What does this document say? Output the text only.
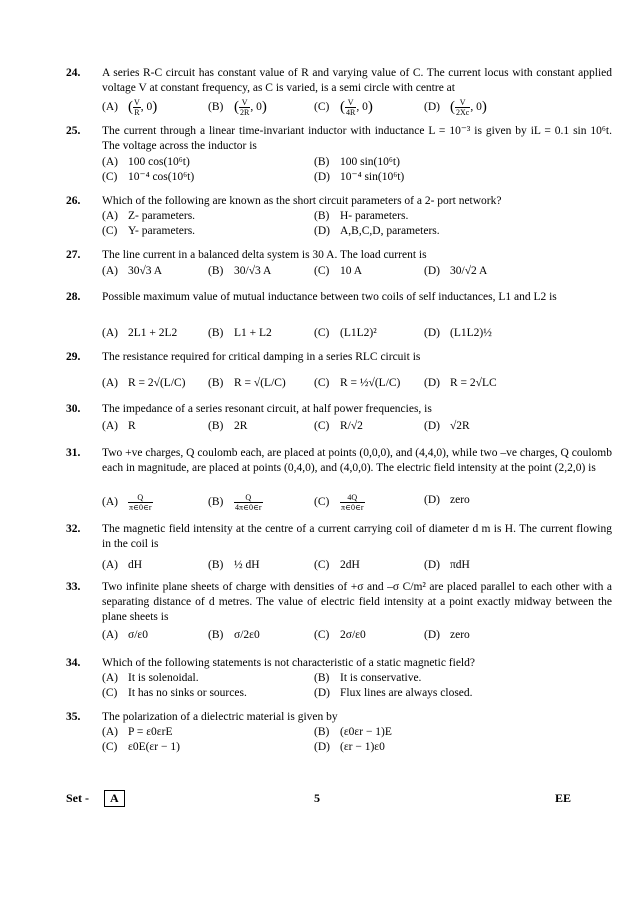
24. A series R-C circuit has constant value of R and varying value of C. The current locus with constant applied voltage V at constant frequency, as C is varied, is a semi circle with centre at
(A) ( $\frac{V}{R}$ , 0)	(B) ( $\frac{V}{2R}$ , 0)	(C) ( $\frac{V}{4R}$ , 0)	(D) ( $\frac{V}{2Xc}$ , 0)
25. The current through a linear time-invariant inductor with inductance L = 10⁻³ is given by iL = 0.1 sin 10⁶t. The voltage across the inductor is
(A) 100 cos(10⁶t)	(B) 100 sin(10⁶t)
(C) 10⁻⁴ cos(10⁶t)	(D) 10⁻⁴ sin(10⁶t)
26. Which of the following are known as the short circuit parameters of a 2- port network?
(A) Z- parameters.	(B) H- parameters.
(C) Y- parameters.	(D) A,B,C,D, parameters.
27. The line current in a balanced delta system is 30 A. The load current is
(A) 30√3 A	(B) 30/√3 A	(C) 10 A	(D) 30/√2 A
28. Possible maximum value of mutual inductance between two coils of self inductances, L1 and L2 is
(A) 2L1 + 2L2	(B) L1 + L2	(C) (L1L2)²	(D) (L1L2)½
29. The resistance required for critical damping in a series RLC circuit is
(A) R = 2√(L/C) (B) R = √(L/C) (C) R = ½√(L/C) (D) R = 2√LC
30. The impedance of a series resonant circuit, at half power frequencies, is
(A) R	(B) 2R	(C) R/√2	(D) √2R
31. Two +ve charges, Q coulomb each, are placed at points (0,0,0), and (4,4,0), while two –ve charges, Q coulomb each in magnitude, are placed at points (0,4,0), and (4,0,0). The electric field intensity at the point (2,2,0) is
$(A) \frac{Q}{\pi\in 0\in r}$	$(B) \frac{Q}{4\pi\in 0\in r}$	$(C) \frac{4Q}{\pi\in 0\in r}$	(D) zero
32. The magnetic field intensity at the centre of a current carrying coil of diameter d m is H. The current flowing in the coil is
(A) dH	(B) ½ dH	(C) 2dH	(D) πdH
33. Two infinite plane sheets of charge with densities of +σ and –σ C/m² are placed parallel to each other with a separating distance of d metres. The value of electric field intensity at a point exactly midway between the plane sheets is
(A) σ/ε0	(B) σ/2ε0	(C) 2σ/ε0	(D) zero
34. Which of the following statements is not characteristic of a static magnetic field?
(A) It is solenoidal.	(B) It is conservative.
(C) It has no sinks or sources.	(D) Flux lines are always closed.
35. The polarization of a dielectric material is given by
(A) P = ε0εrE	(B) (ε0εr − 1)E
(C) ε0E(εr − 1)	(D) (εr − 1)ε0
Set -	A	5	EE
